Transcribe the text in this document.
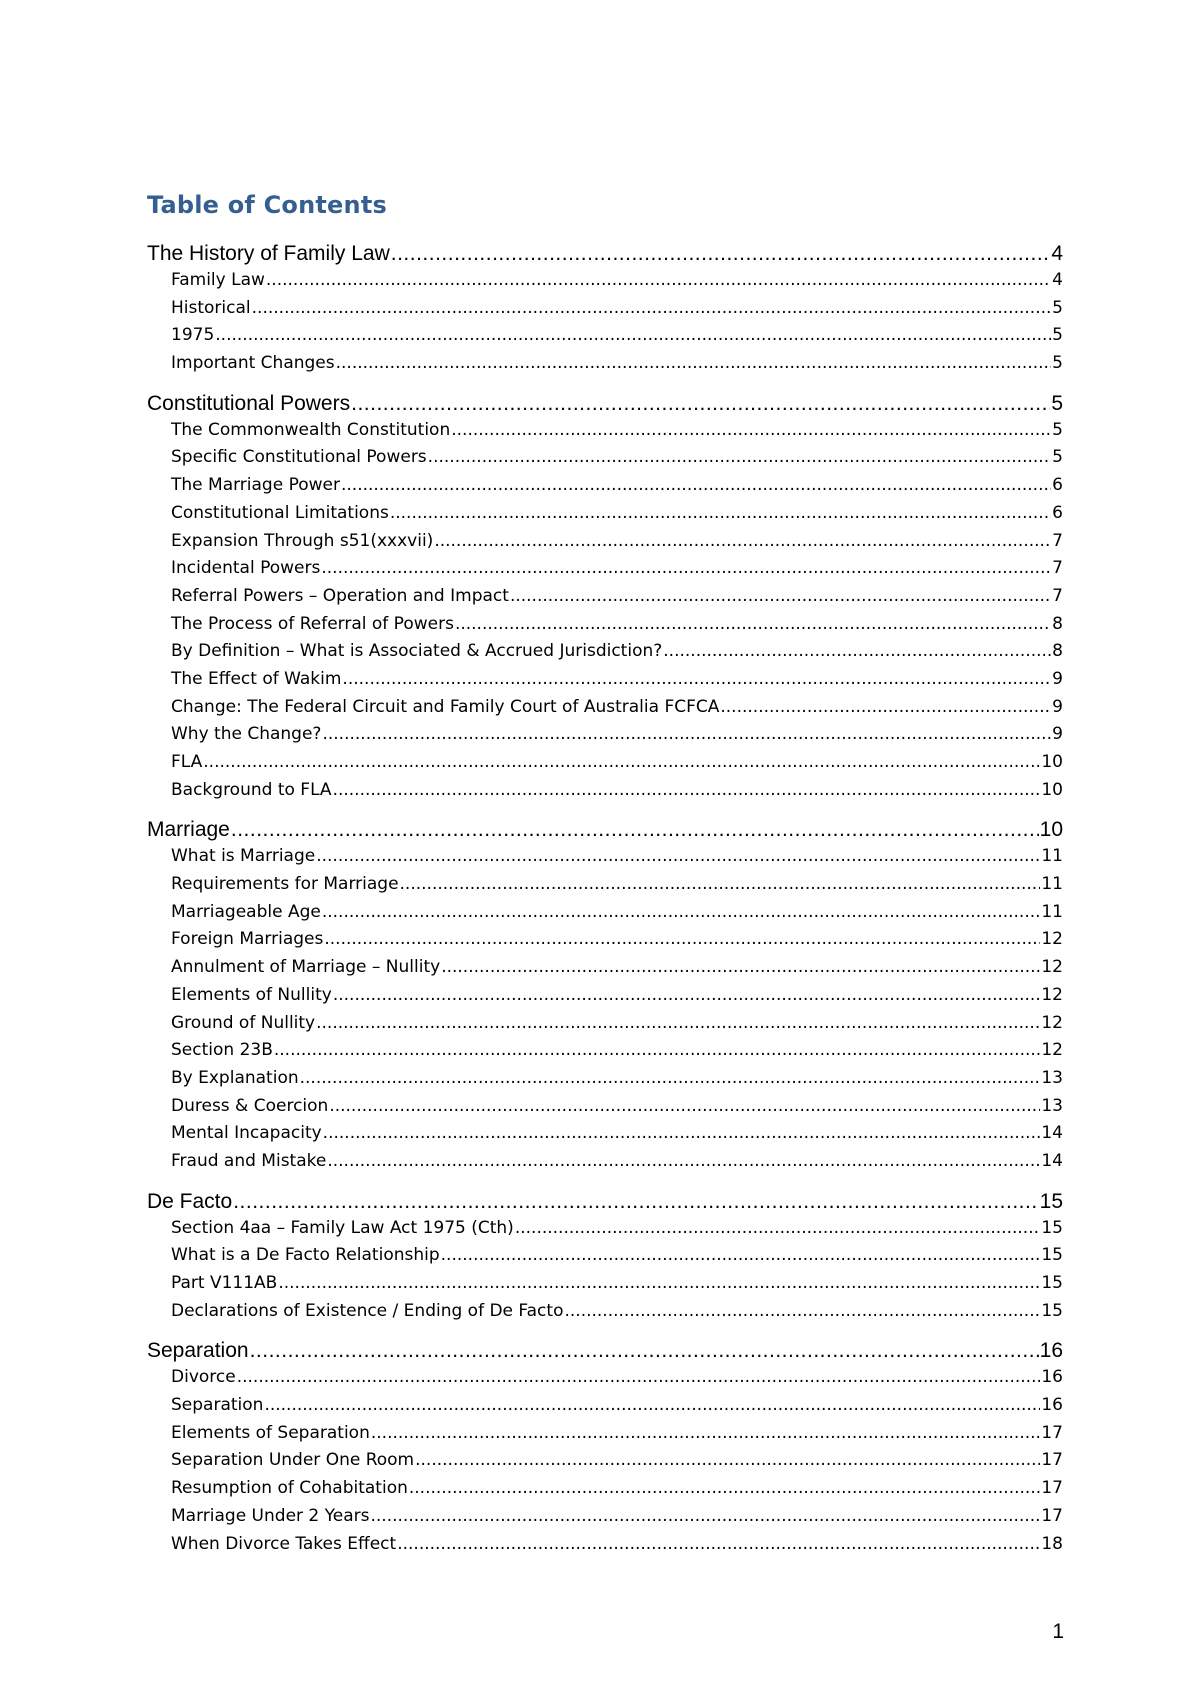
Table of Contents
The History of Family Law .....	4
Family Law .....	4
Historical .....	5
1975 .....	5
Important Changes .....	5
Constitutional Powers .....	5
The Commonwealth Constitution .....	5
Specific Constitutional Powers .....	5
The Marriage Power .....	6
Constitutional Limitations .....	6
Expansion Through s51(xxxvii) .....	7
Incidental Powers .....	7
Referral Powers – Operation and Impact .....	7
The Process of Referral of Powers .....	8
By Definition – What is Associated & Accrued Jurisdiction? .....	8
The Effect of Wakim .....	9
Change: The Federal Circuit and Family Court of Australia FCFCA .....	9
Why the Change? .....	9
FLA .....	10
Background to FLA .....	10
Marriage .....	10
What is Marriage .....	11
Requirements for Marriage .....	11
Marriageable Age .....	11
Foreign Marriages .....	12
Annulment of Marriage – Nullity .....	12
Elements of Nullity .....	12
Ground of Nullity .....	12
Section 23B .....	12
By Explanation .....	13
Duress & Coercion .....	13
Mental Incapacity .....	14
Fraud and Mistake .....	14
De Facto .....	15
Section 4aa – Family Law Act 1975 (Cth) .....	15
What is a De Facto Relationship .....	15
Part V111AB .....	15
Declarations of Existence / Ending of De Facto .....	15
Separation .....	16
Divorce .....	16
Separation .....	16
Elements of Separation .....	17
Separation Under One Room .....	17
Resumption of Cohabitation .....	17
Marriage Under 2 Years .....	17
When Divorce Takes Effect .....	18
1
